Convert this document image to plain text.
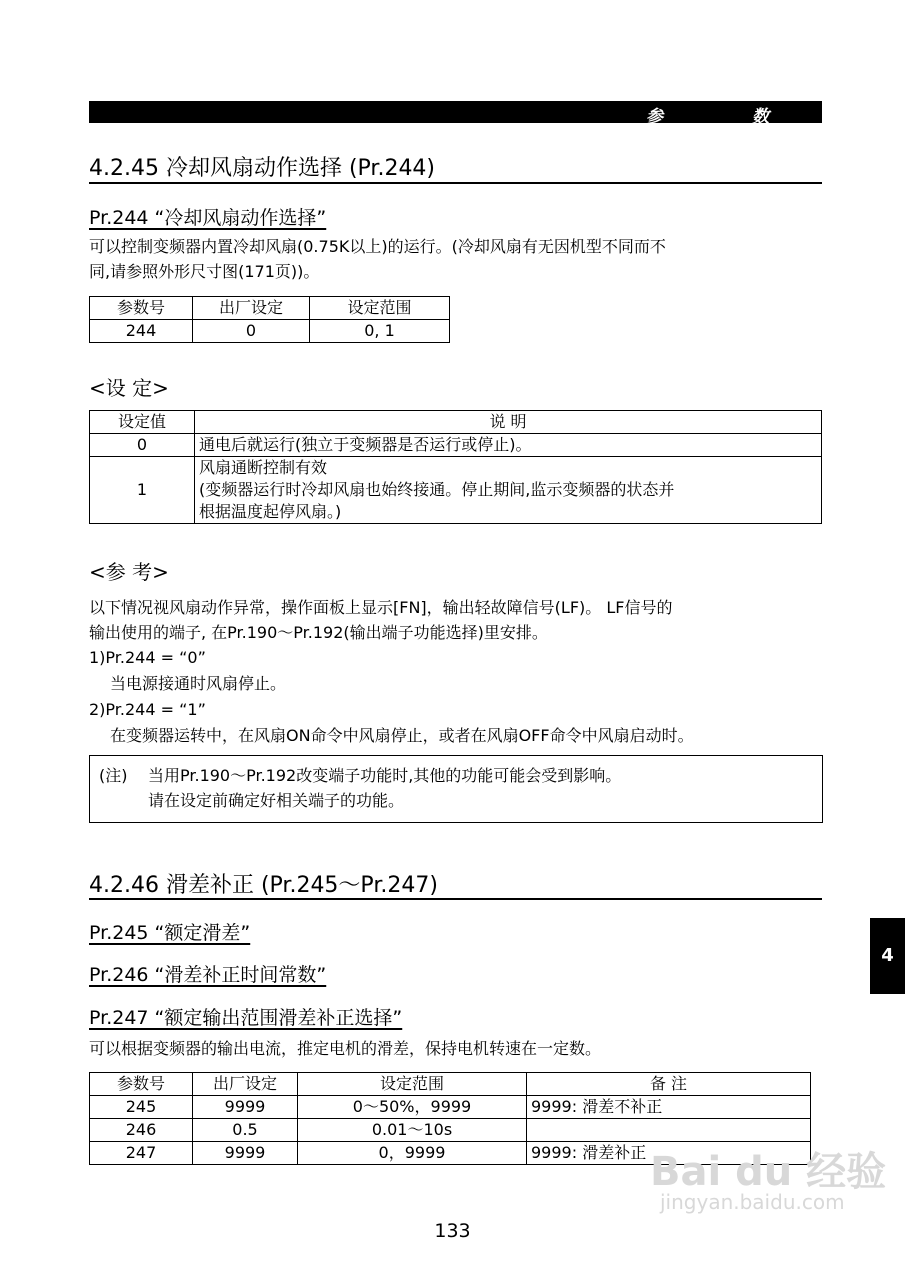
参	数
4.2.45 冷却风扇动作选择 (Pr.244)
Pr.244 “冷却风扇动作选择”
可以控制变频器内置冷却风扇(0.75K以上)的运行。(冷却风扇有无因机型不同而不
同,请参照外形尺寸图(171页))。
参数号	出厂设定	设定范围
244	0	0, 1
<设 定>
设定值	说 明
0	通电后就运行(独立于变频器是否运行或停止)。
1	风扇通断控制有效
(变频器运行时冷却风扇也始终接通。停止期间,监示变频器的状态并
根据温度起停风扇。)
<参 考>
以下情况视风扇动作异常，操作面板上显示[FN]，输出轻故障信号(LF)。 LF信号的
输出使用的端子, 在Pr.190～Pr.192(输出端子功能选择)里安排。
1)Pr.244 = “0”
当电源接通时风扇停止。
2)Pr.244 = “1”
在变频器运转中，在风扇ON命令中风扇停止，或者在风扇OFF命令中风扇启动时。
(注) 当用Pr.190～Pr.192改变端子功能时,其他的功能可能会受到影响。
请在设定前确定好相关端子的功能。
4.2.46 滑差补正 (Pr.245～Pr.247)
Pr.245 “额定滑差”
Pr.246 “滑差补正时间常数”
Pr.247 “额定输出范围滑差补正选择”
可以根据变频器的输出电流，推定电机的滑差，保持电机转速在一定数。
参数号	出厂设定	设定范围	备 注
245	9999	0～50%，9999	9999: 滑差不补正
246	0.5	0.01～10s	
247	9999	0，9999	9999: 滑差补正
4
Bai du 经验
jingyan.baidu.com
133
